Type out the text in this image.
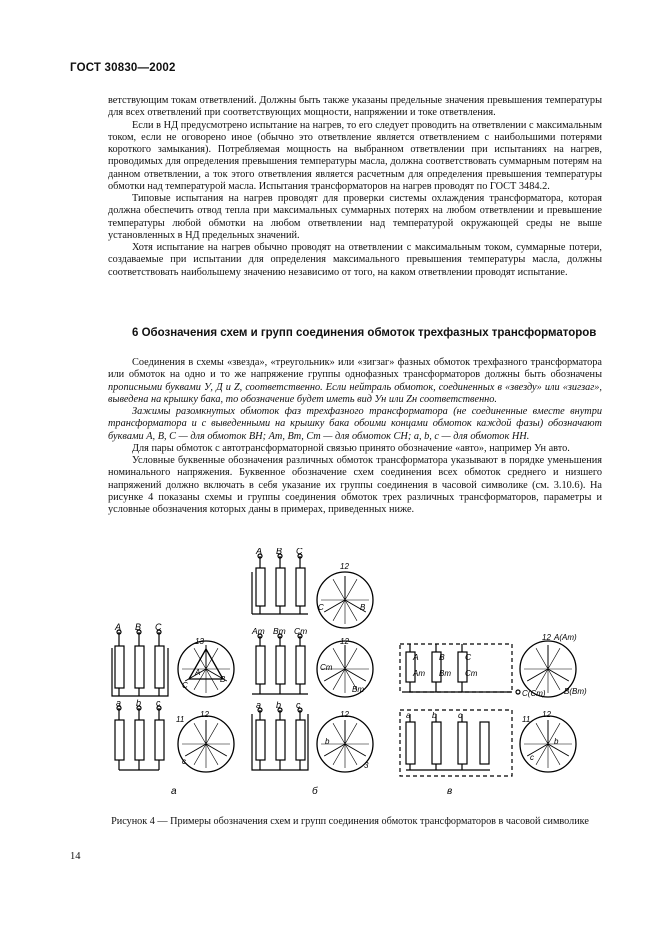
ГОСТ 30830—2002

ветствующим токам ответвлений. Должны быть также указаны предельные значения превышения температуры для всех ответвлений при соответствующих мощности, напряжении и токе ответвления.

Если в НД предусмотрено испытание на нагрев, то его следует проводить на ответвлении с максимальным током, если не оговорено иное (обычно это ответвление является ответвлением с наибольшими потерями короткого замыкания). Потребляемая мощность на выбранном ответвлении при испытаниях на нагрев, проводимых для определения превышения температуры масла, должна соответствовать суммарным потерям на данном ответвлении, а ток этого ответвления является расчетным для определения превышения температуры обмотки над температурой масла. Испытания трансформаторов на нагрев проводят по ГОСТ 3484.2.

Типовые испытания на нагрев проводят для проверки системы охлаждения трансформатора, которая должна обеспечить отвод тепла при максимальных суммарных потерях на любом ответвлении и превышение температуры любой обмотки на любом ответвлении над температурой окружающей среды не выше установленных в НД предельных значений.

Хотя испытание на нагрев обычно проводят на ответвлении с максимальным током, суммарные потери, создаваемые при испытании для определения максимального превышения температуры масла, должны соответствовать наибольшему значению независимо от того, на каком ответвлении проводят испытание.

6 Обозначения схем и групп соединения обмоток трехфазных трансформаторов

Соединения в схемы «звезда», «треугольник» или «зигзаг» фазных обмоток трехфазного трансформатора или обмоток на одно и то же напряжение группы однофазных трансформаторов должны быть обозначены прописными буквами У, Д и Z, соответственно. Если нейтраль обмоток, соединенных в «звезду» или «зигзаг», выведена на крышку бака, то обозначение будет иметь вид Ун или Zн соответственно.

Зажимы разомкнутых обмоток фаз трехфазного трансформатора (не соединенные вместе внутри трансформатора и с выведенными на крышку бака обоими концами обмоток каждой фазы) обозначают буквами А, В, С — для обмоток ВН; Аm, Вm, Сm — для обмоток СН; а, b, с — для обмоток НН.

Для пары обмоток с автотрансформаторной связью принято обозначение «авто», например Ун авто.

Условные буквенные обозначения различных обмоток трансформатора указывают в порядке уменьшения номинального напряжения. Буквенное обозначение схем соединения всех обмоток среднего и низшего напряжений должно включать в себя указание их группы соединения в часовой символике (см. 3.10.6). На рисунке 4 показаны схемы и группы соединения обмоток трех различных трансформаторов, параметры и условные обозначения которых даны в примерах, приведенных ниже.

A B C
a b c
13
A
C
B
11
12
c
а
A B C
Am Bm Cm
a b c
12
C	B
12
Cm
Bm
12
b
3
б
A B C
Am Bm Cm
C(Cm)
a	b	c
12 A(Am)
B(Bm)
11
12
b
c
в
Рисунок 4 — Примеры обозначения схем и групп соединения обмоток трансформаторов в часовой символике
14
